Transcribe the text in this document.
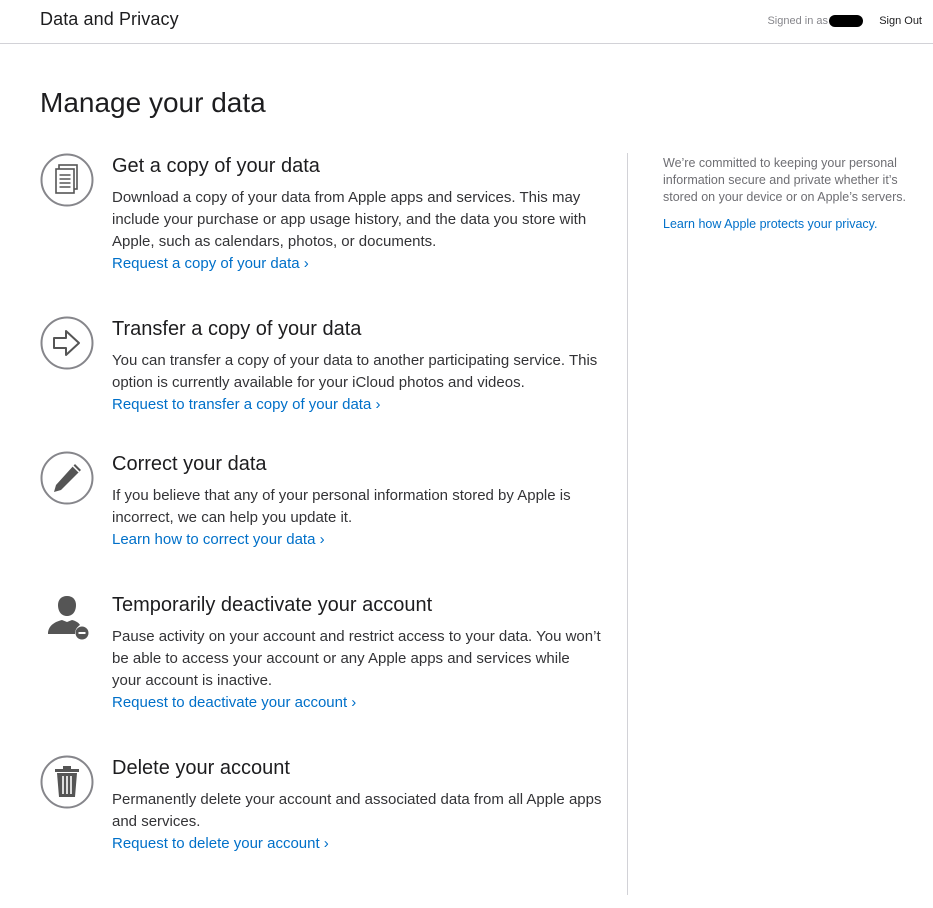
Data and Privacy	Signed in as	Sign Out
Manage your data
Get a copy of your data

Download a copy of your data from Apple apps and services. This may include your purchase or app usage history, and the data you store with Apple, such as calendars, photos, or documents.

Request a copy of your data ›
Transfer a copy of your data

You can transfer a copy of your data to another participating service. This option is currently available for your iCloud photos and videos.

Request to transfer a copy of your data ›
Correct your data

If you believe that any of your personal information stored by Apple is incorrect, we can help you update it.

Learn how to correct your data ›
Temporarily deactivate your account

Pause activity on your account and restrict access to your data. You won’t be able to access your account or any Apple apps and services while your account is inactive.

Request to deactivate your account ›
Delete your account

Permanently delete your account and associated data from all Apple apps and services.

Request to delete your account ›

We’re committed to keeping your personal information secure and private whether it’s stored on your device or on Apple’s servers.

Learn how Apple protects your privacy.
